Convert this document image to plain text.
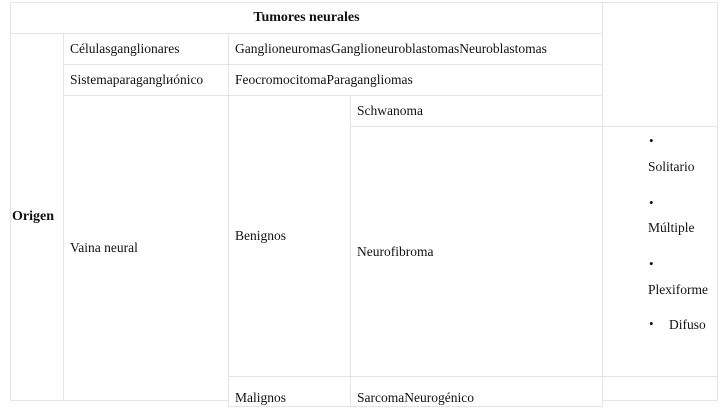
Tumores neurales
Origen
Célulasganglionares	GanglioneuromasGanglioneuroblastomasNeuroblastomas
Sistemaparaganglиónico	FeocromocitomaParagangliomas
Vaina neural
Benignos
Malignos
Schwanoma
Neurofibroma
SarcomaNeurogénico
•
Solitario
•
Múltiple
•
Plexiforme
• Difuso
